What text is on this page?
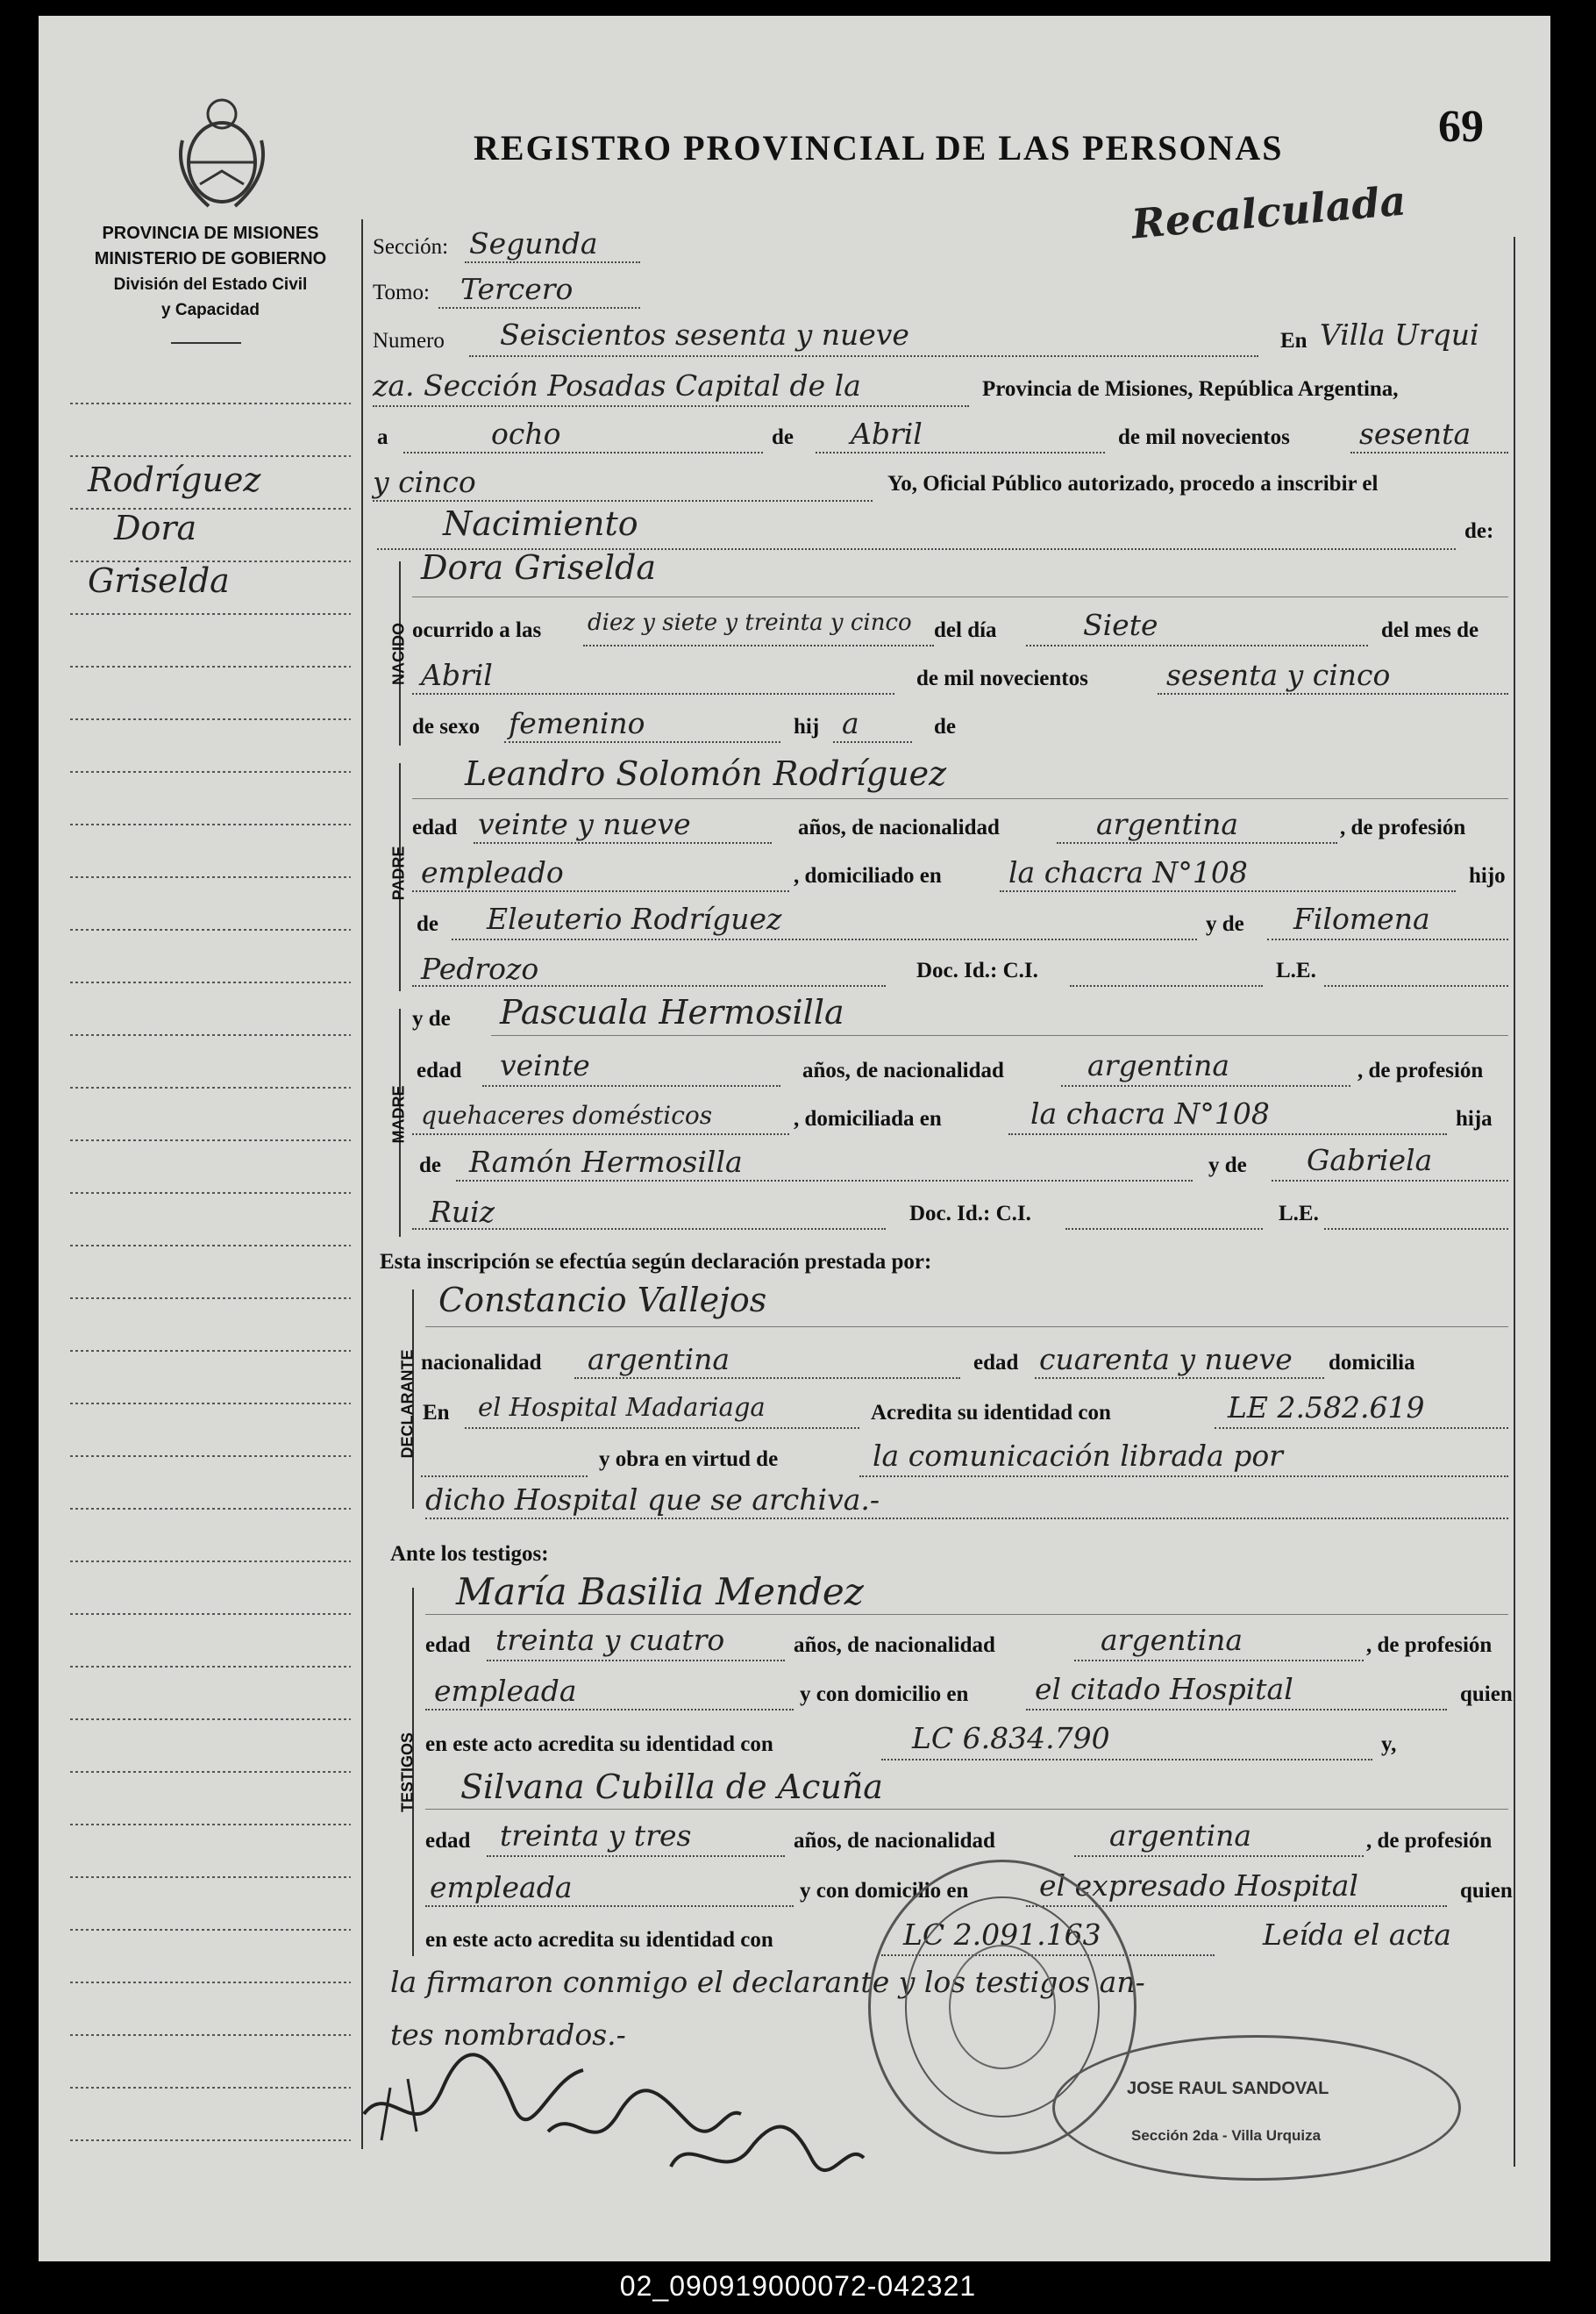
02_090919000072-042321
REGISTRO PROVINCIAL DE LAS PERSONAS	69
Recalculada
PROVINCIA DE MISIONES
MINISTERIO DE GOBIERNO
División del Estado Civil
y Capacidad
Rodríguez
Dora
Griselda
Sección: Segunda
Tomo: Tercero
Numero Seiscientos sesenta y nueve	En Villa Urqui
za. Sección Posadas Capital de la	Provincia de Misiones, República Argentina,
a	ocho	de Abril	de mil novecientos sesenta
y cinco	Yo, Oficial Público autorizado, procedo a inscribir el
Nacimiento	de:
NACIDO
Dora Griselda
ocurrido a las diez y siete y treinta y cinco del día	Siete	del mes de
Abril	de mil novecientos	sesenta y cinco
de sexo femenino	hij a	de
PADRE
Leandro Solomón Rodríguez
edad veinte y nueve	años, de nacionalidad	argentina	, de profesión
empleado	, domiciliado en la chacra N°108	hijo
de Eleuterio Rodríguez	y de Filomena
Pedrozo	Doc. Id.: C.I.	L.E.
MADRE
y de Pascuala Hermosilla
edad veinte	años, de nacionalidad	argentina	, de profesión
quehaceres domésticos	, domiciliada en	la chacra N°108	hija
de Ramón Hermosilla	y de Gabriela
Ruiz	Doc. Id.: C.I.	L.E.
Esta inscripción se efectúa según declaración prestada por:
DECLARANTE
Constancio Vallejos
nacionalidad argentina	edad cuarenta y nueve domicilia
En el Hospital Madariaga	Acredita su identidad con	LE 2.582.619
y obra en virtud de	la comunicación librada por
dicho Hospital que se archiva.-
Ante los testigos:
TESTIGOS
María Basilia Mendez
edad treinta y cuatro	años, de nacionalidad	argentina	, de profesión
empleada	y con domicilio en el citado Hospital	quien
en este acto acredita su identidad con	LC 6.834.790	y,
Silvana Cubilla de Acuña
edad treinta y tres	años, de nacionalidad	argentina	, de profesión
empleada	y con domicilio en el expresado Hospital	quien
en este acto acredita su identidad con	LC 2.091.163	Leída el acta
la firmaron conmigo el declarante y los testigos an-
tes nombrados.-
JOSE RAUL SANDOVAL
Sección 2da - Villa Urquiza
